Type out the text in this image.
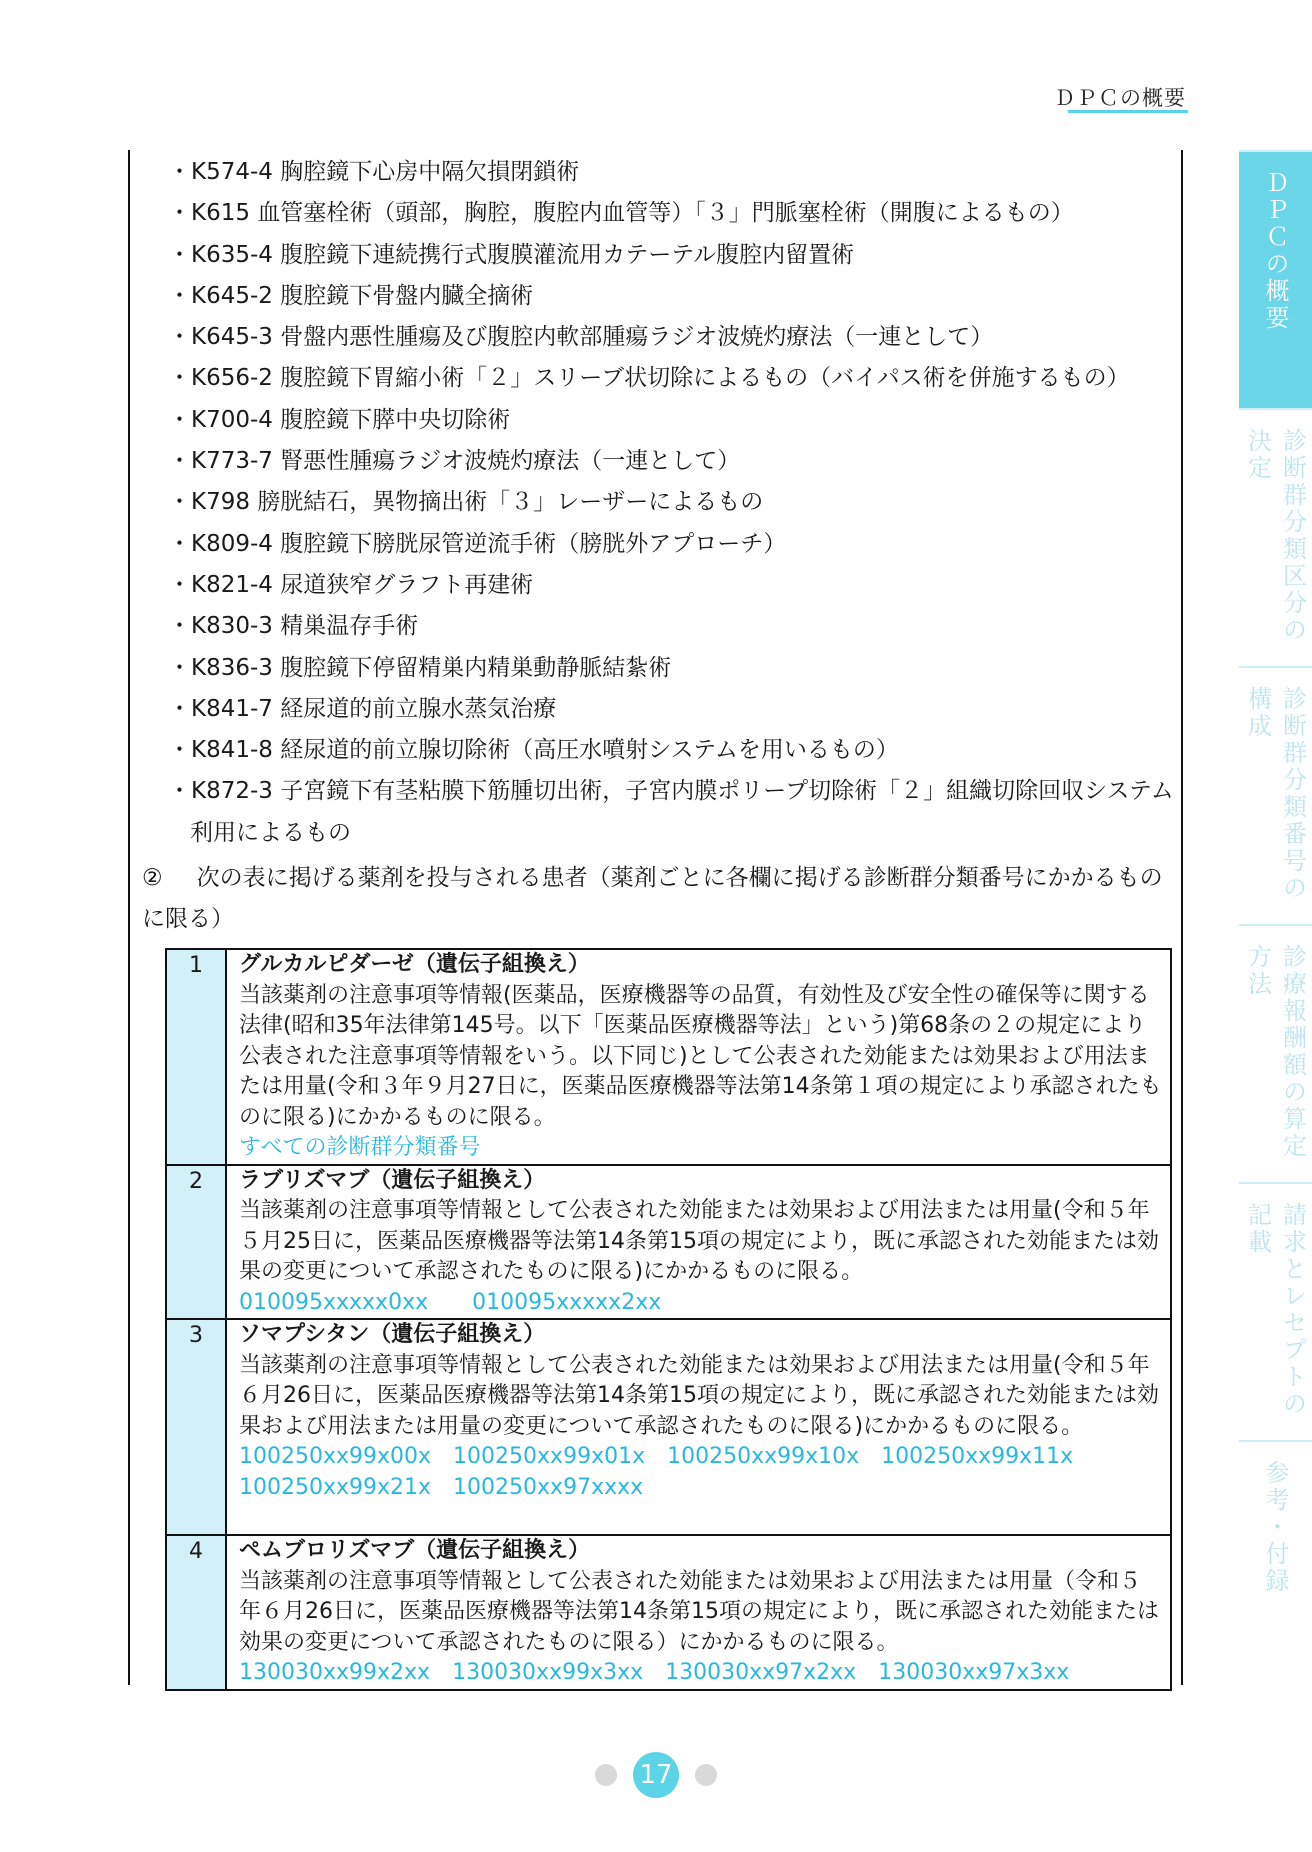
ＤＰＣの概要
・K574-4 胸腔鏡下心房中隔欠損閉鎖術
・K615 血管塞栓術（頭部，胸腔，腹腔内血管等）「３」門脈塞栓術（開腹によるもの）
・K635-4 腹腔鏡下連続携行式腹膜灌流用カテーテル腹腔内留置術
・K645-2 腹腔鏡下骨盤内臓全摘術
・K645-3 骨盤内悪性腫瘍及び腹腔内軟部腫瘍ラジオ波焼灼療法（一連として）
・K656-2 腹腔鏡下胃縮小術「２」スリーブ状切除によるもの（バイパス術を併施するもの）
・K700-4 腹腔鏡下膵中央切除術
・K773-7 腎悪性腫瘍ラジオ波焼灼療法（一連として）
・K798 膀胱結石，異物摘出術「３」レーザーによるもの
・K809-4 腹腔鏡下膀胱尿管逆流手術（膀胱外アプローチ）
・K821-4 尿道狭窄グラフト再建術
・K830-3 精巣温存手術
・K836-3 腹腔鏡下停留精巣内精巣動静脈結紮術
・K841-7 経尿道的前立腺水蒸気治療
・K841-8 経尿道的前立腺切除術（高圧水噴射システムを用いるもの）
・K872-3 子宮鏡下有茎粘膜下筋腫切出術，子宮内膜ポリープ切除術「２」組織切除回収システム利用によるもの
② 次の表に掲げる薬剤を投与される患者（薬剤ごとに各欄に掲げる診断群分類番号にかかるものに限る）
1	グルカルピダーゼ（遺伝子組換え）
当該薬剤の注意事項等情報(医薬品，医療機器等の品質，有効性及び安全性の確保等に関する法律(昭和35年法律第145号。以下「医薬品医療機器等法」という)第68条の２の規定により公表された注意事項等情報をいう。以下同じ)として公表された効能または効果および用法または用量(令和３年９月27日に，医薬品医療機器等法第14条第１項の規定により承認されたものに限る)にかかるものに限る。
すべての診断群分類番号

2	ラブリズマブ（遺伝子組換え）
当該薬剤の注意事項等情報として公表された効能または効果および用法または用量(令和５年５月25日に，医薬品医療機器等法第14条第15項の規定により，既に承認された効能または効果の変更について承認されたものに限る)にかかるものに限る。
010095xxxxx0xx　　010095xxxxx2xx

3	ソマプシタン（遺伝子組換え）
当該薬剤の注意事項等情報として公表された効能または効果および用法または用量(令和５年６月26日に，医薬品医療機器等法第14条第15項の規定により，既に承認された効能または効果および用法または用量の変更について承認されたものに限る)にかかるものに限る。
100250xx99x00x　100250xx99x01x　100250xx99x10x　100250xx99x11x
100250xx99x21x　100250xx97xxxx

4	ペムブロリズマブ（遺伝子組換え）
当該薬剤の注意事項等情報として公表された効能または効果および用法または用量（令和５年６月26日に，医薬品医療機器等法第14条第15項の規定により，既に承認された効能または効果の変更について承認されたものに限る）にかかるものに限る。
130030xx99x2xx　130030xx99x3xx　130030xx97x2xx　130030xx97x3xx
ＤＰＣの概要
診断群分類区分の決定
診断群分類番号の構成
診療報酬額の算定方法
請求とレセプトの記載
参考・付録
17
